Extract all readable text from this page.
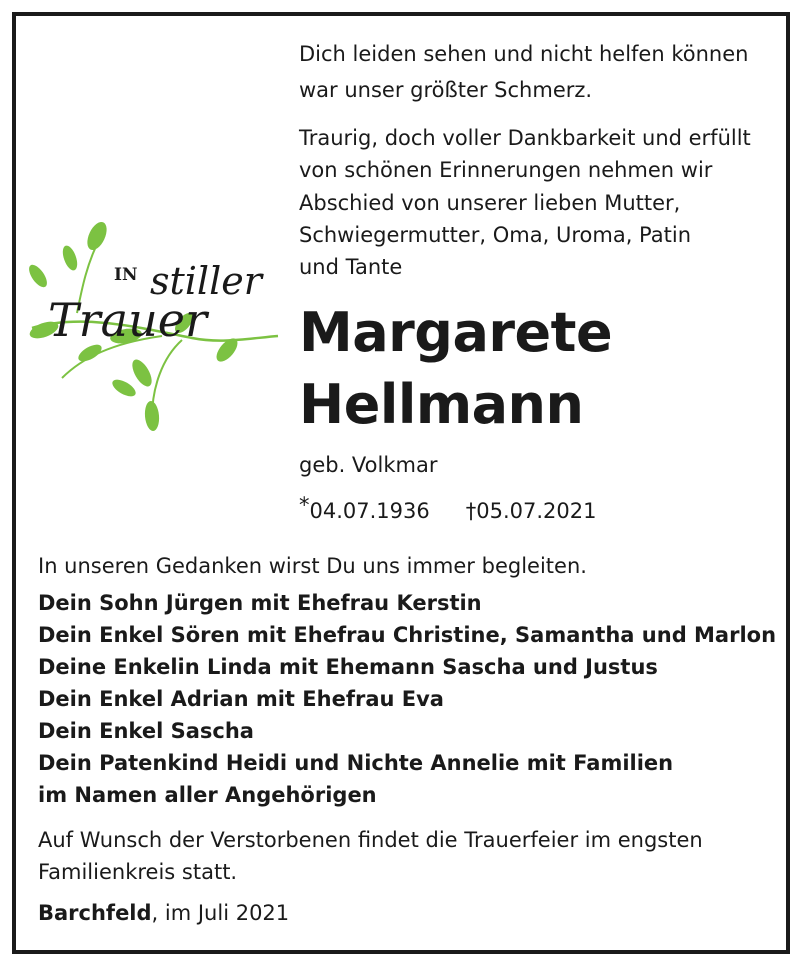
IN stiller
Trauer
Dich leiden sehen und nicht helfen können
war unser größter Schmerz.
Traurig, doch voller Dankbarkeit und erfüllt
von schönen Erinnerungen nehmen wir
Abschied von unserer lieben Mutter,
Schwiegermutter, Oma, Uroma, Patin
und Tante
Margarete
Hellmann
geb. Volkmar
*04.07.1936 †05.07.2021
In unseren Gedanken wirst Du uns immer begleiten.
Dein Sohn Jürgen mit Ehefrau Kerstin
Dein Enkel Sören mit Ehefrau Christine, Samantha und Marlon
Deine Enkelin Linda mit Ehemann Sascha und Justus
Dein Enkel Adrian mit Ehefrau Eva
Dein Enkel Sascha
Dein Patenkind Heidi und Nichte Annelie mit Familien
im Namen aller Angehörigen
Auf Wunsch der Verstorbenen findet die Trauerfeier im engsten
Familienkreis statt.
Barchfeld, im Juli 2021
